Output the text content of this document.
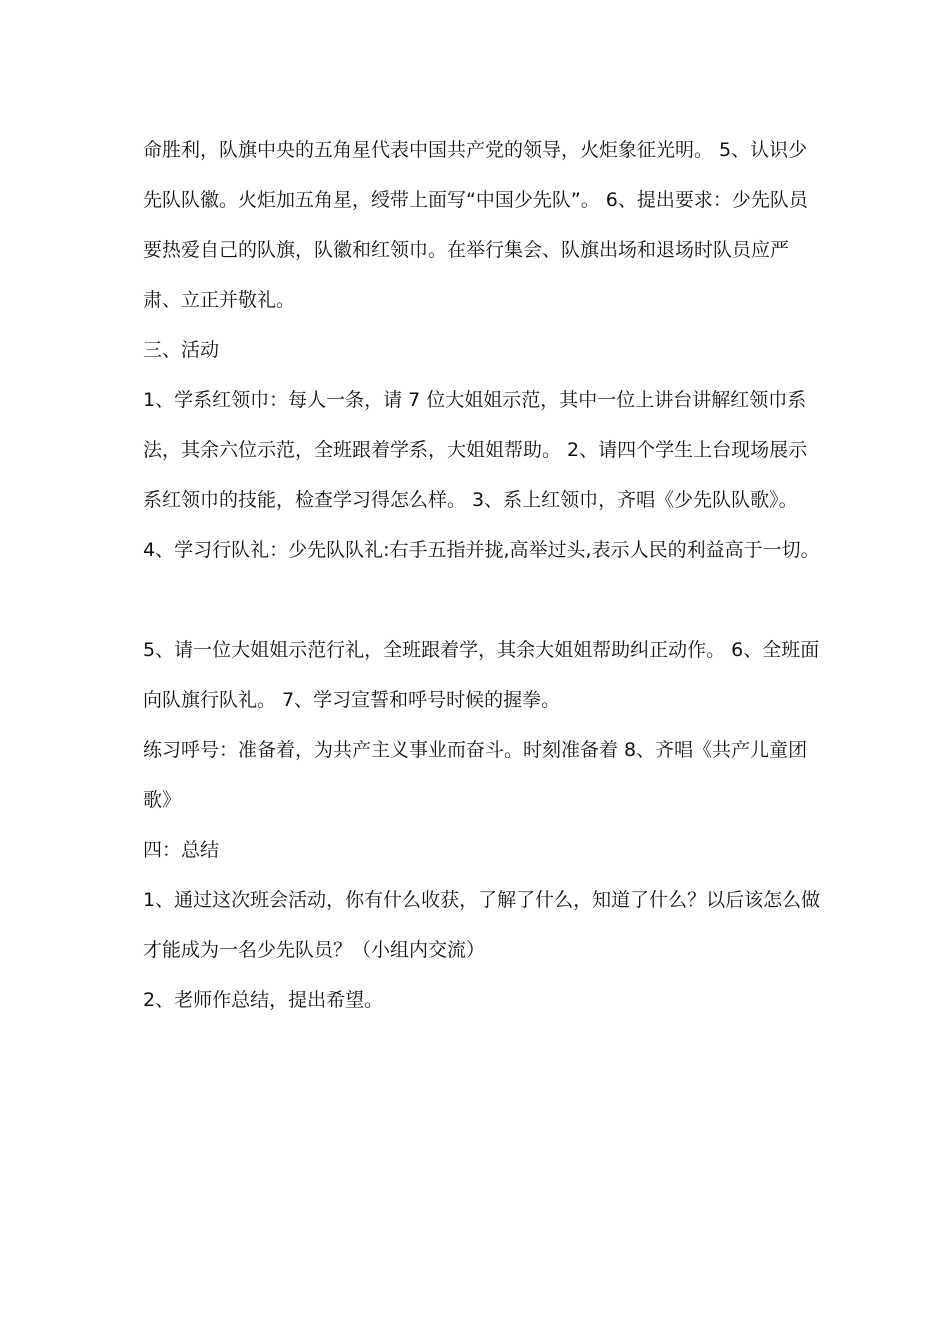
命胜利，队旗中央的五角星代表中国共产党的领导，火炬象征光明。 5、认识少先队队徽。火炬加五角星，绶带上面写“中国少先队”。 6、提出要求：少先队员要热爱自己的队旗，队徽和红领巾。在举行集会、队旗出场和退场时队员应严肃、立正并敬礼。

三、活动

1、学系红领巾：每人一条，请 7 位大姐姐示范，其中一位上讲台讲解红领巾系法，其余六位示范，全班跟着学系，大姐姐帮助。 2、请四个学生上台现场展示系红领巾的技能，检查学习得怎么样。 3、系上红领巾，齐唱《少先队队歌》。

4、学习行队礼：少先队队礼:右手五指并拢,高举过头,表示人民的利益高于一切。

5、请一位大姐姐示范行礼，全班跟着学，其余大姐姐帮助纠正动作。 6、全班面向队旗行队礼。 7、学习宣誓和呼号时候的握拳。

练习呼号：准备着，为共产主义事业而奋斗。时刻准备着 8、齐唱《共产儿童团歌》

四：总结

1、通过这次班会活动，你有什么收获，了解了什么，知道了什么？以后该怎么做才能成为一名少先队员？（小组内交流）

2、老师作总结，提出希望。
